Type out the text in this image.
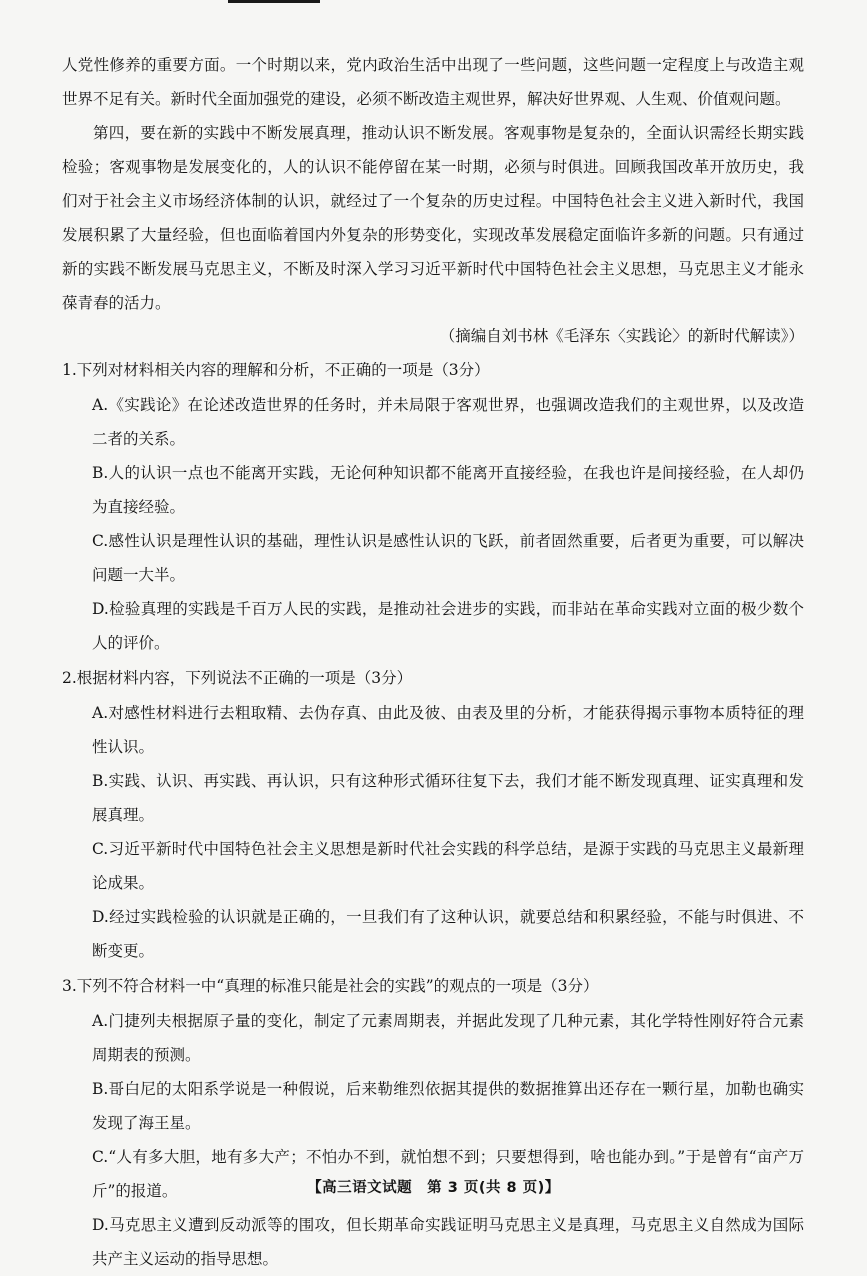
人党性修养的重要方面。一个时期以来，党内政治生活中出现了一些问题，这些问题一定程度上与改造主观世界不足有关。新时代全面加强党的建设，必须不断改造主观世界，解决好世界观、人生观、价值观问题。

第四，要在新的实践中不断发展真理，推动认识不断发展。客观事物是复杂的，全面认识需经长期实践检验；客观事物是发展变化的，人的认识不能停留在某一时期，必须与时俱进。回顾我国改革开放历史，我们对于社会主义市场经济体制的认识，就经过了一个复杂的历史过程。中国特色社会主义进入新时代，我国发展积累了大量经验，但也面临着国内外复杂的形势变化，实现改革发展稳定面临许多新的问题。只有通过新的实践不断发展马克思主义，不断及时深入学习习近平新时代中国特色社会主义思想，马克思主义才能永葆青春的活力。

（摘编自刘书林《毛泽东〈实践论〉的新时代解读》）

1.下列对材料相关内容的理解和分析，不正确的一项是（3分）

A.《实践论》在论述改造世界的任务时，并未局限于客观世界，也强调改造我们的主观世界，以及改造二者的关系。

B.人的认识一点也不能离开实践，无论何种知识都不能离开直接经验，在我也许是间接经验，在人却仍为直接经验。

C.感性认识是理性认识的基础，理性认识是感性认识的飞跃，前者固然重要，后者更为重要，可以解决问题一大半。

D.检验真理的实践是千百万人民的实践，是推动社会进步的实践，而非站在革命实践对立面的极少数个人的评价。

2.根据材料内容，下列说法不正确的一项是（3分）

A.对感性材料进行去粗取精、去伪存真、由此及彼、由表及里的分析，才能获得揭示事物本质特征的理性认识。

B.实践、认识、再实践、再认识，只有这种形式循环往复下去，我们才能不断发现真理、证实真理和发展真理。

C.习近平新时代中国特色社会主义思想是新时代社会实践的科学总结，是源于实践的马克思主义最新理论成果。

D.经过实践检验的认识就是正确的，一旦我们有了这种认识，就要总结和积累经验，不能与时俱进、不断变更。

3.下列不符合材料一中“真理的标准只能是社会的实践”的观点的一项是（3分）

A.门捷列夫根据原子量的变化，制定了元素周期表，并据此发现了几种元素，其化学特性刚好符合元素周期表的预测。

B.哥白尼的太阳系学说是一种假说，后来勒维烈依据其提供的数据推算出还存在一颗行星，加勒也确实发现了海王星。

C.“人有多大胆，地有多大产；不怕办不到，就怕想不到；只要想得到，啥也能办到。”于是曾有“亩产万斤”的报道。

D.马克思主义遭到反动派等的围攻，但长期革命实践证明马克思主义是真理，马克思主义自然成为国际共产主义运动的指导思想。

【高三语文试题　第 3 页(共 8 页)】
